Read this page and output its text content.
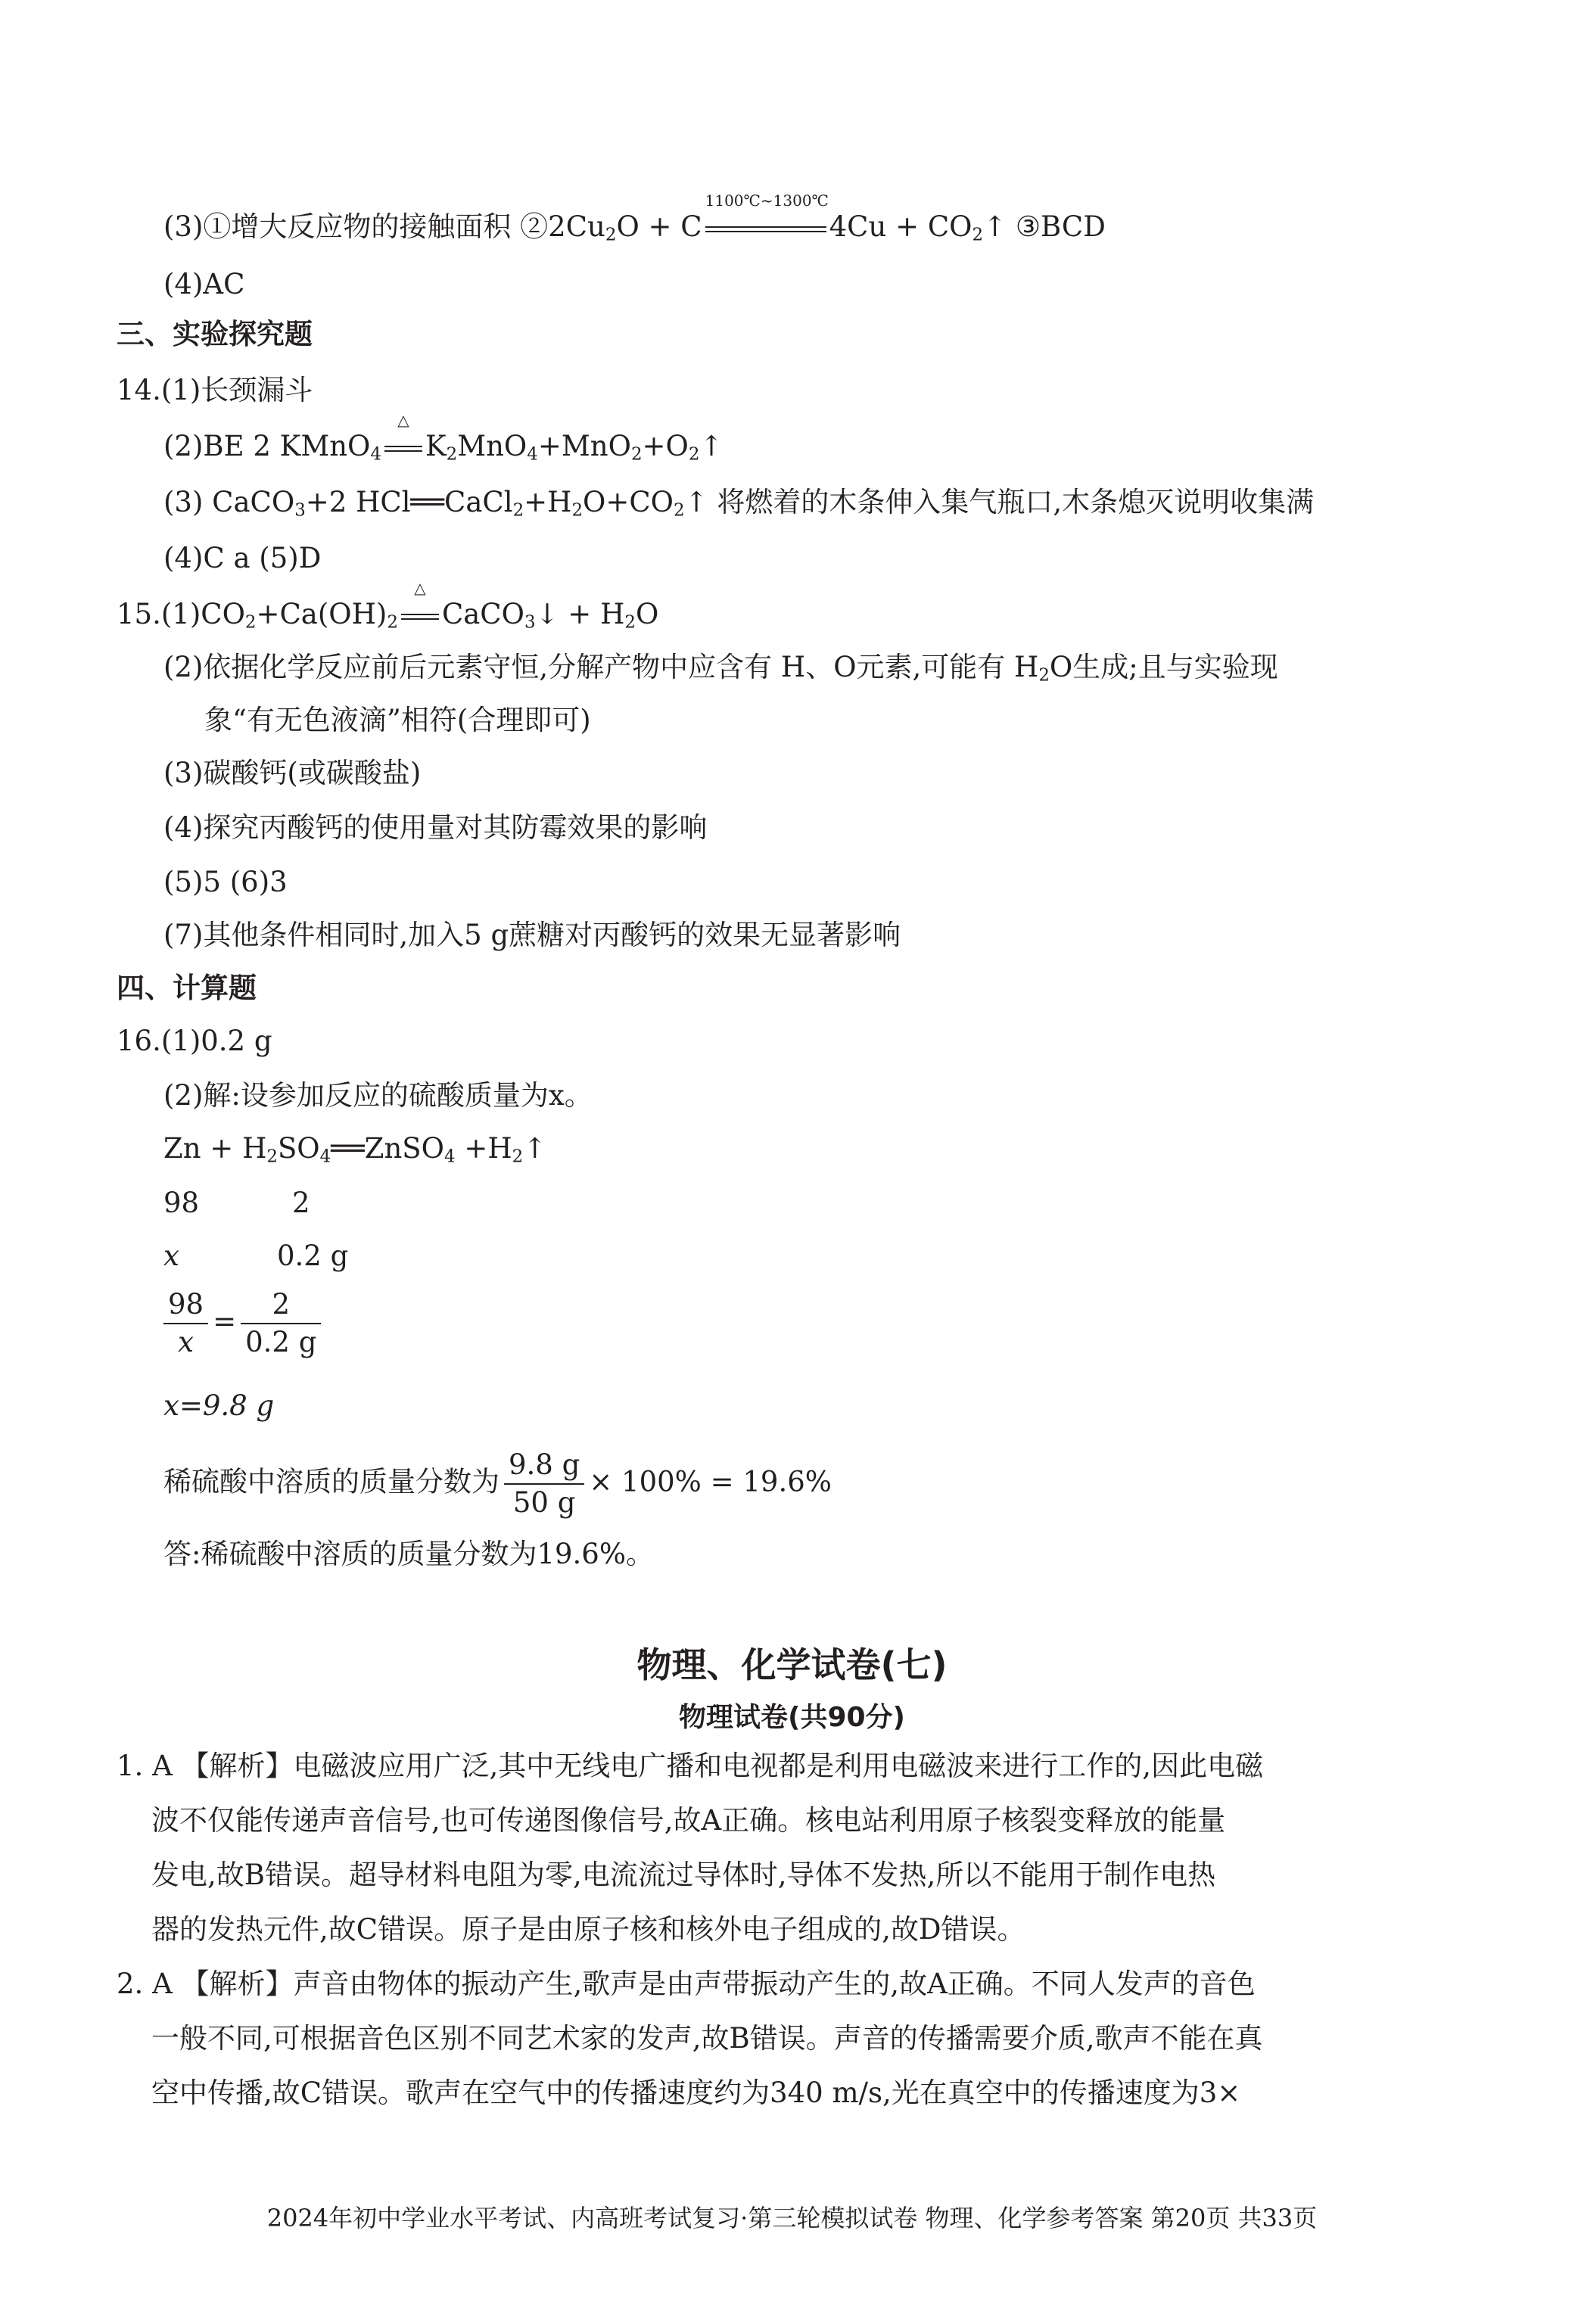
(3)①增大反应物的接触面积 $②2Cu_2O + C$
1100℃~1300℃
$4Cu + CO_2↑$ ③BCD
(4)AC
三、实验探究题
14.(1)长颈漏斗
(2)BE 2 KMnO$_4$
△
$K_2MnO_4+MnO_2+O_2↑$
(3) CaCO$_3$+2 $HCl══CaCl_2+H_2O+CO_2↑$ 将燃着的木条伸入集气瓶口,木条熄灭说明收集满
(4)C a (5)D
$15.(1)CO_2+Ca(OH)_2$
△
CaCO$_3$↓ + $H_2O$
(2)依据化学反应前后元素守恒,分解产物中应含有 H、O元素,可能有 $H_2O$生成;且与实验现
象“有无色液滴”相符(合理即可)
(3)碳酸钙(或碳酸盐)
(4)探究丙酸钙的使用量对其防霉效果的影响
(5)5 (6)3
(7)其他条件相同时,加入5 g蔗糖对丙酸钙的效果无显著影响
四、计算题
16.(1)0.2 g
(2)解:设参加反应的硫酸质量为x。
$Zn + H_2SO_4══ZnSO_4$ $+H_2↑$
98	2
x	0.2 g
$\frac{98}{x} = \frac{2}{0.2 g}$
x=9.8 g
稀硫酸中溶质的质量分数为 $\frac{9.8 g}{50 g} \times 100\% = 19.6\%$
答:稀硫酸中溶质的质量分数为19.6%。
物理、化学试卷(七)
物理试卷(共90分)
1. A 【解析】电磁波应用广泛,其中无线电广播和电视都是利用电磁波来进行工作的,因此电磁
波不仅能传递声音信号,也可传递图像信号,故A正确。核电站利用原子核裂变释放的能量
发电,故B错误。超导材料电阻为零,电流流过导体时,导体不发热,所以不能用于制作电热
器的发热元件,故C错误。原子是由原子核和核外电子组成的,故D错误。
2. A 【解析】声音由物体的振动产生,歌声是由声带振动产生的,故A正确。不同人发声的音色
一般不同,可根据音色区别不同艺术家的发声,故B错误。声音的传播需要介质,歌声不能在真
空中传播,故C错误。歌声在空气中的传播速度约为340 m/s,光在真空中的传播速度为3×
2024年初中学业水平考试、内高班考试复习·第三轮模拟试卷 物理、化学参考答案 第20页 共33页
